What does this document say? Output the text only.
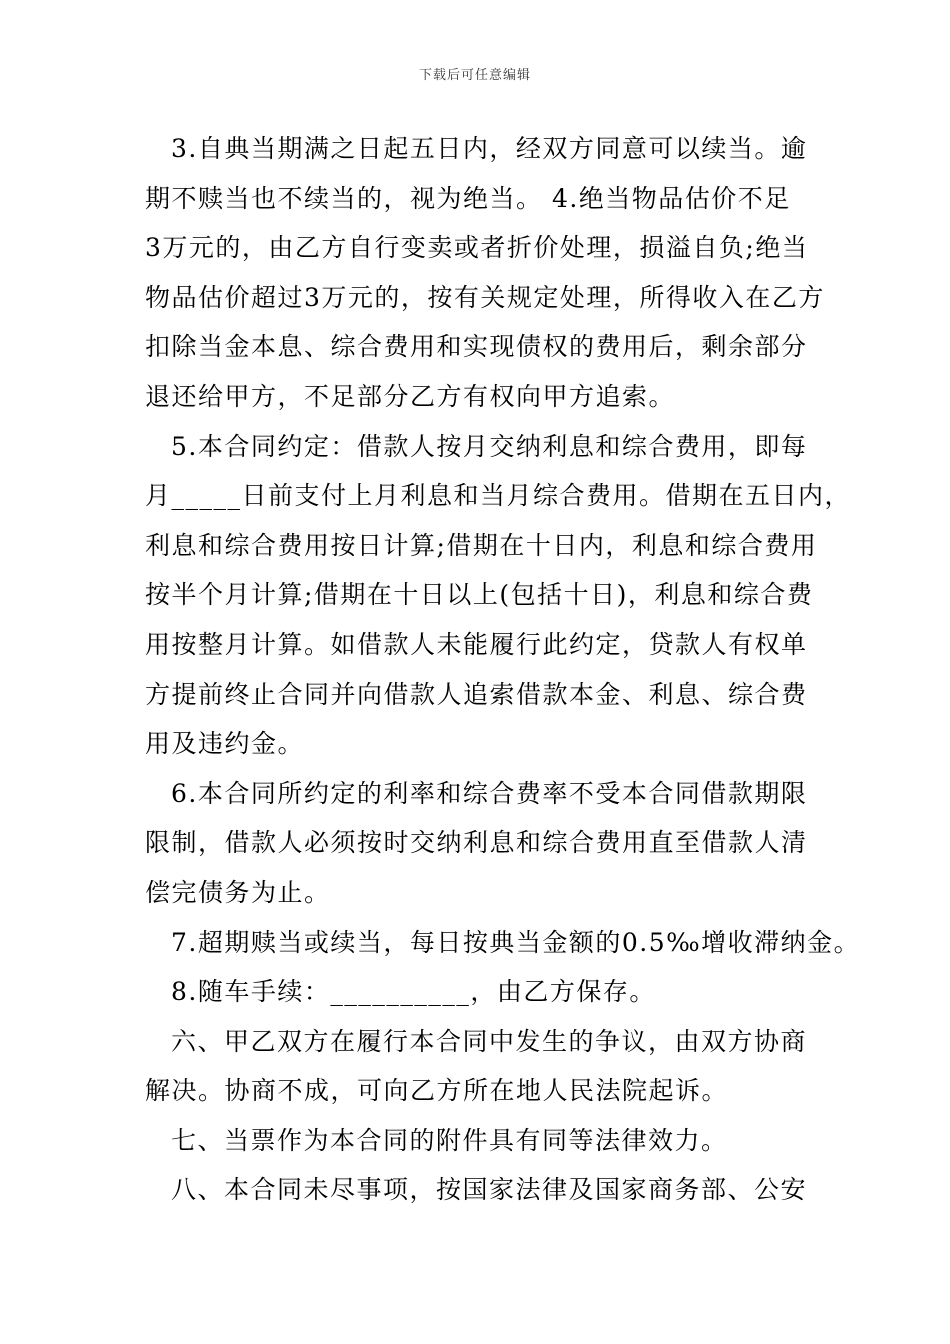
下载后可任意编辑
3.自典当期满之日起五日内，经双方同意可以续当。逾
期不赎当也不续当的，视为绝当。 4.绝当物品估价不足
3万元的，由乙方自行变卖或者折价处理，损溢自负;绝当
物品估价超过3万元的，按有关规定处理，所得收入在乙方
扣除当金本息、综合费用和实现债权的费用后，剩余部分
退还给甲方，不足部分乙方有权向甲方追索。
5.本合同约定：借款人按月交纳利息和综合费用，即每
月_____日前支付上月利息和当月综合费用。借期在五日内，
利息和综合费用按日计算;借期在十日内，利息和综合费用
按半个月计算;借期在十日以上(包括十日)，利息和综合费
用按整月计算。如借款人未能履行此约定，贷款人有权单
方提前终止合同并向借款人追索借款本金、利息、综合费
用及违约金。
6.本合同所约定的利率和综合费率不受本合同借款期限
限制，借款人必须按时交纳利息和综合费用直至借款人清
偿完债务为止。
7.超期赎当或续当，每日按典当金额的0.5‰增收滞纳金。
8.随车手续：__________，由乙方保存。
六、甲乙双方在履行本合同中发生的争议，由双方协商
解决。协商不成，可向乙方所在地人民法院起诉。
七、当票作为本合同的附件具有同等法律效力。
八、本合同未尽事项，按国家法律及国家商务部、公安
